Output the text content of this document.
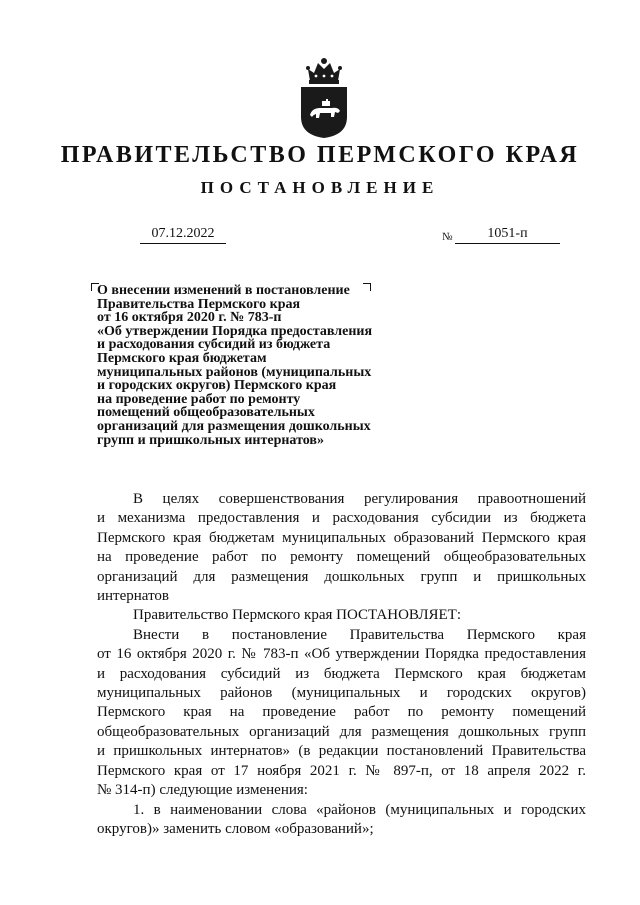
ПРАВИТЕЛЬСТВО ПЕРМСКОГО КРАЯ
ПОСТАНОВЛЕНИЕ
07.12.2022	№	1051-п
О внесении изменений в постановление
Правительства Пермского края
от 16 октября 2020 г. № 783-п
«Об утверждении Порядка предоставления
и расходования субсидий из бюджета
Пермского края бюджетам
муниципальных районов (муниципальных
и городских округов) Пермского края
на проведение работ по ремонту
помещений общеобразовательных
организаций для размещения дошкольных
групп и пришкольных интернатов»
В целях совершенствования регулирования правоотношений
и механизма предоставления и расходования субсидии из бюджета
Пермского края бюджетам муниципальных образований Пермского края
на проведение работ по ремонту помещений общеобразовательных
организаций для размещения дошкольных групп и пришкольных
интернатов
Правительство Пермского края ПОСТАНОВЛЯЕТ:
Внести в постановление Правительства Пермского края
от 16 октября 2020 г. № 783-п «Об утверждении Порядка предоставления
и расходования субсидий из бюджета Пермского края бюджетам
муниципальных районов (муниципальных и городских округов)
Пермского края на проведение работ по ремонту помещений
общеобразовательных организаций для размещения дошкольных групп
и пришкольных интернатов» (в редакции постановлений Правительства
Пермского края от 17 ноября 2021 г. № 897-п, от 18 апреля 2022 г.
№ 314-п) следующие изменения:
1. в наименовании слова «районов (муниципальных и городских
округов)» заменить словом «образований»;
